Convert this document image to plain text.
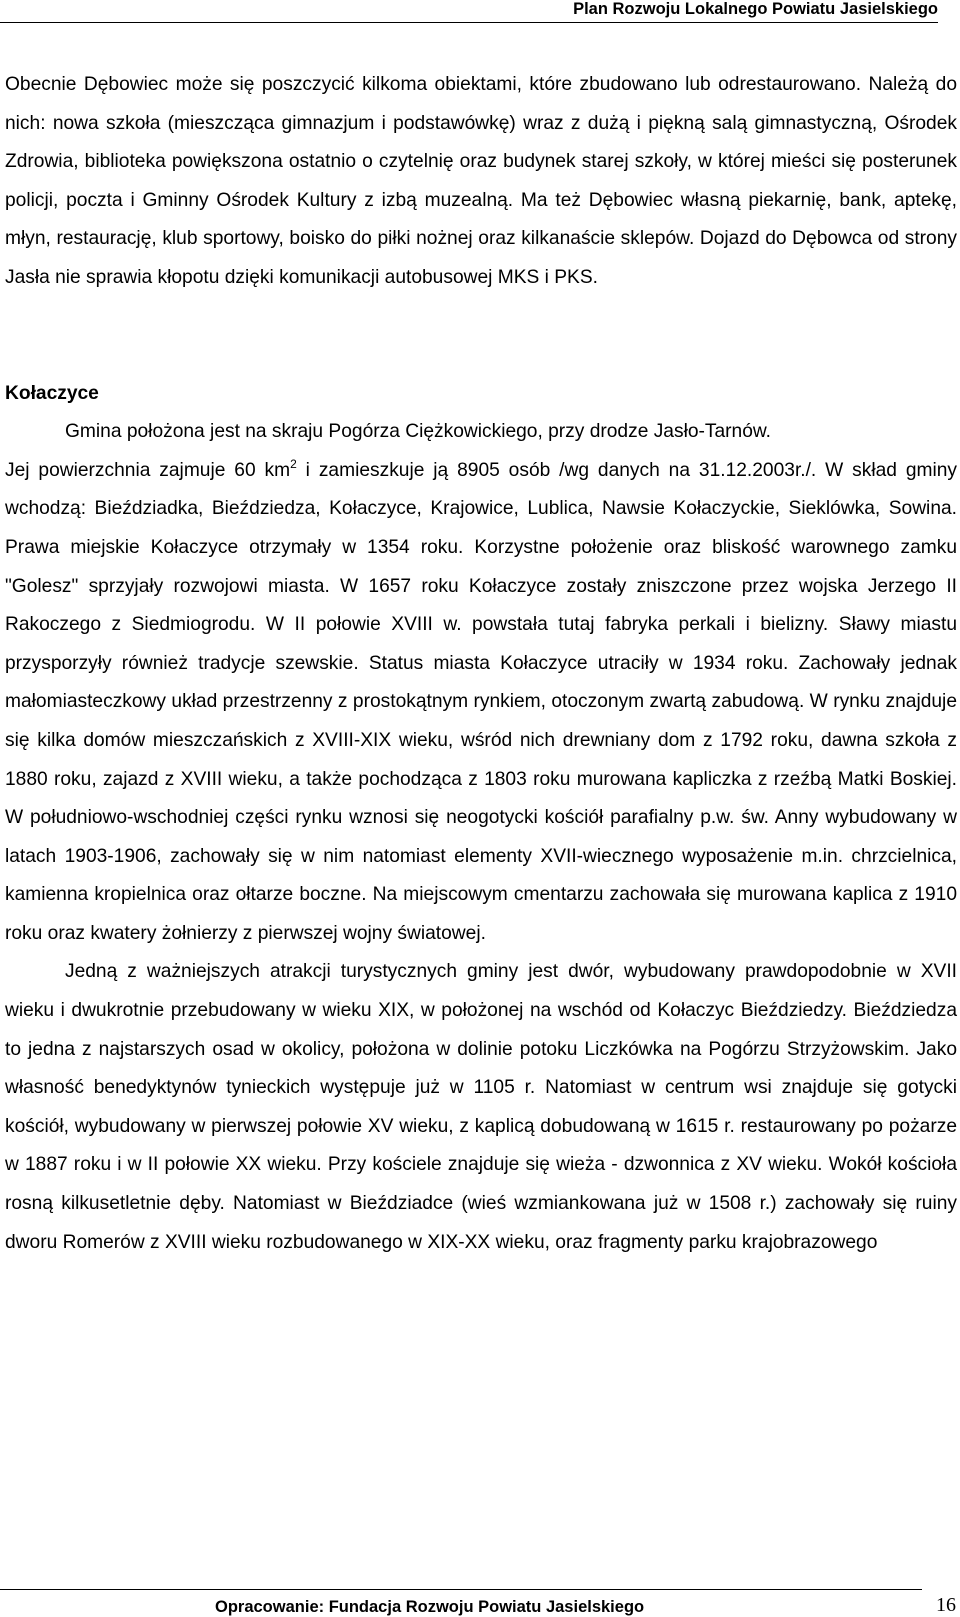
Plan Rozwoju Lokalnego Powiatu Jasielskiego

Obecnie Dębowiec może się poszczycić kilkoma obiektami, które zbudowano lub odrestaurowano. Należą do nich: nowa szkoła (mieszcząca gimnazjum i podstawówkę) wraz z dużą i piękną salą gimnastyczną, Ośrodek Zdrowia, biblioteka powiększona ostatnio o czytelnię oraz budynek starej szkoły, w której mieści się posterunek policji, poczta i Gminny Ośrodek Kultury z izbą muzealną. Ma też Dębowiec własną piekarnię, bank, aptekę, młyn, restaurację, klub sportowy, boisko do piłki nożnej oraz kilkanaście sklepów. Dojazd do Dębowca od strony Jasła nie sprawia kłopotu dzięki komunikacji autobusowej MKS i PKS.

Kołaczyce

Gmina położona jest na skraju Pogórza Ciężkowickiego, przy drodze Jasło-Tarnów.

Jej powierzchnia zajmuje 60 $km^2$ i zamieszkuje ją 8905 osób /wg danych na 31.12.2003r./. W skład gminy wchodzą: Bieździadka, Bieździedza, Kołaczyce, Krajowice, Lublica, Nawsie Kołaczyckie, Sieklówka, Sowina. Prawa miejskie Kołaczyce otrzymały w 1354 roku. Korzystne położenie oraz bliskość warownego zamku "Golesz" sprzyjały rozwojowi miasta. W 1657 roku Kołaczyce zostały zniszczone przez wojska Jerzego II Rakoczego z Siedmiogrodu. W II połowie XVIII w. powstała tutaj fabryka perkali i bielizny. Sławy miastu przysporzyły również tradycje szewskie. Status miasta Kołaczyce utraciły w 1934 roku. Zachowały jednak małomiasteczkowy układ przestrzenny z prostokątnym rynkiem, otoczonym zwartą zabudową. W rynku znajduje się kilka domów mieszczańskich z XVIII-XIX wieku, wśród nich drewniany dom z 1792 roku, dawna szkoła z 1880 roku, zajazd z XVIII wieku, a także pochodząca z 1803 roku murowana kapliczka z rzeźbą Matki Boskiej. W południowo-wschodniej części rynku wznosi się neogotycki kościół parafialny p.w. św. Anny wybudowany w latach 1903-1906, zachowały się w nim natomiast elementy XVII-wiecznego wyposażenie m.in. chrzcielnica, kamienna kropielnica oraz ołtarze boczne. Na miejscowym cmentarzu zachowała się murowana kaplica z 1910 roku oraz kwatery żołnierzy z pierwszej wojny światowej.

Jedną z ważniejszych atrakcji turystycznych gminy jest dwór, wybudowany prawdopodobnie w XVII wieku i dwukrotnie przebudowany w wieku XIX, w położonej na wschód od Kołaczyc Bieździedzy. Bieździedza to jedna z najstarszych osad w okolicy, położona w dolinie potoku Liczkówka na Pogórzu Strzyżowskim. Jako własność benedyktynów tynieckich występuje już w 1105 r. Natomiast w centrum wsi znajduje się gotycki kościół, wybudowany w pierwszej połowie XV wieku, z kaplicą dobudowaną w 1615 r. restaurowany po pożarze w 1887 roku i w II połowie XX wieku. Przy kościele znajduje się wieża - dzwonnica z XV wieku. Wokół kościoła rosną kilkusetletnie dęby. Natomiast w Bieździadce (wieś wzmiankowana już w 1508 r.) zachowały się ruiny dworu Romerów z XVIII wieku rozbudowanego w XIX-XX wieku, oraz fragmenty parku krajobrazowego

Opracowanie: Fundacja Rozwoju Powiatu Jasielskiego	16
